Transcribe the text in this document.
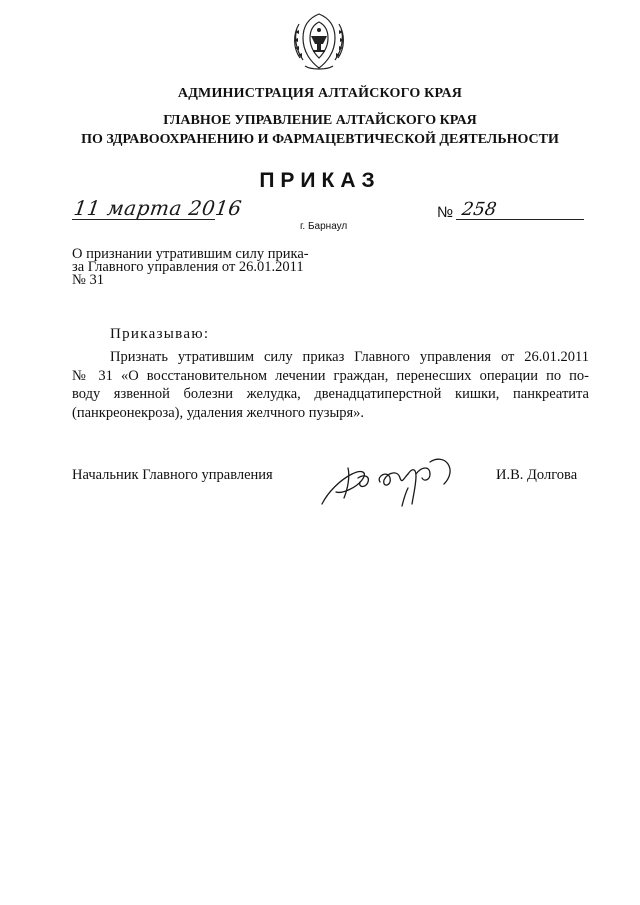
АДМИНИСТРАЦИЯ АЛТАЙСКОГО КРАЯ
ГЛАВНОЕ УПРАВЛЕНИЕ АЛТАЙСКОГО КРАЯ
ПО ЗДРАВООХРАНЕНИЮ И ФАРМАЦЕВТИЧЕСКОЙ ДЕЯТЕЛЬНОСТИ
ПРИКАЗ
11 марта 2016
г. Барнаул
№ 258
О признании утратившим силу прика-
за Главного управления от 26.01.2011
№ 31
Приказываю:
Признать утратившим силу приказ Главного управления от 26.01.2011
№ 31 «О восстановительном лечении граждан, перенесших операции по по-
воду язвенной болезни желудка, двенадцатиперстной кишки, панкреатита
(панкреонекроза), удаления желчного пузыря».
Начальник Главного управления	И.В. Долгова
